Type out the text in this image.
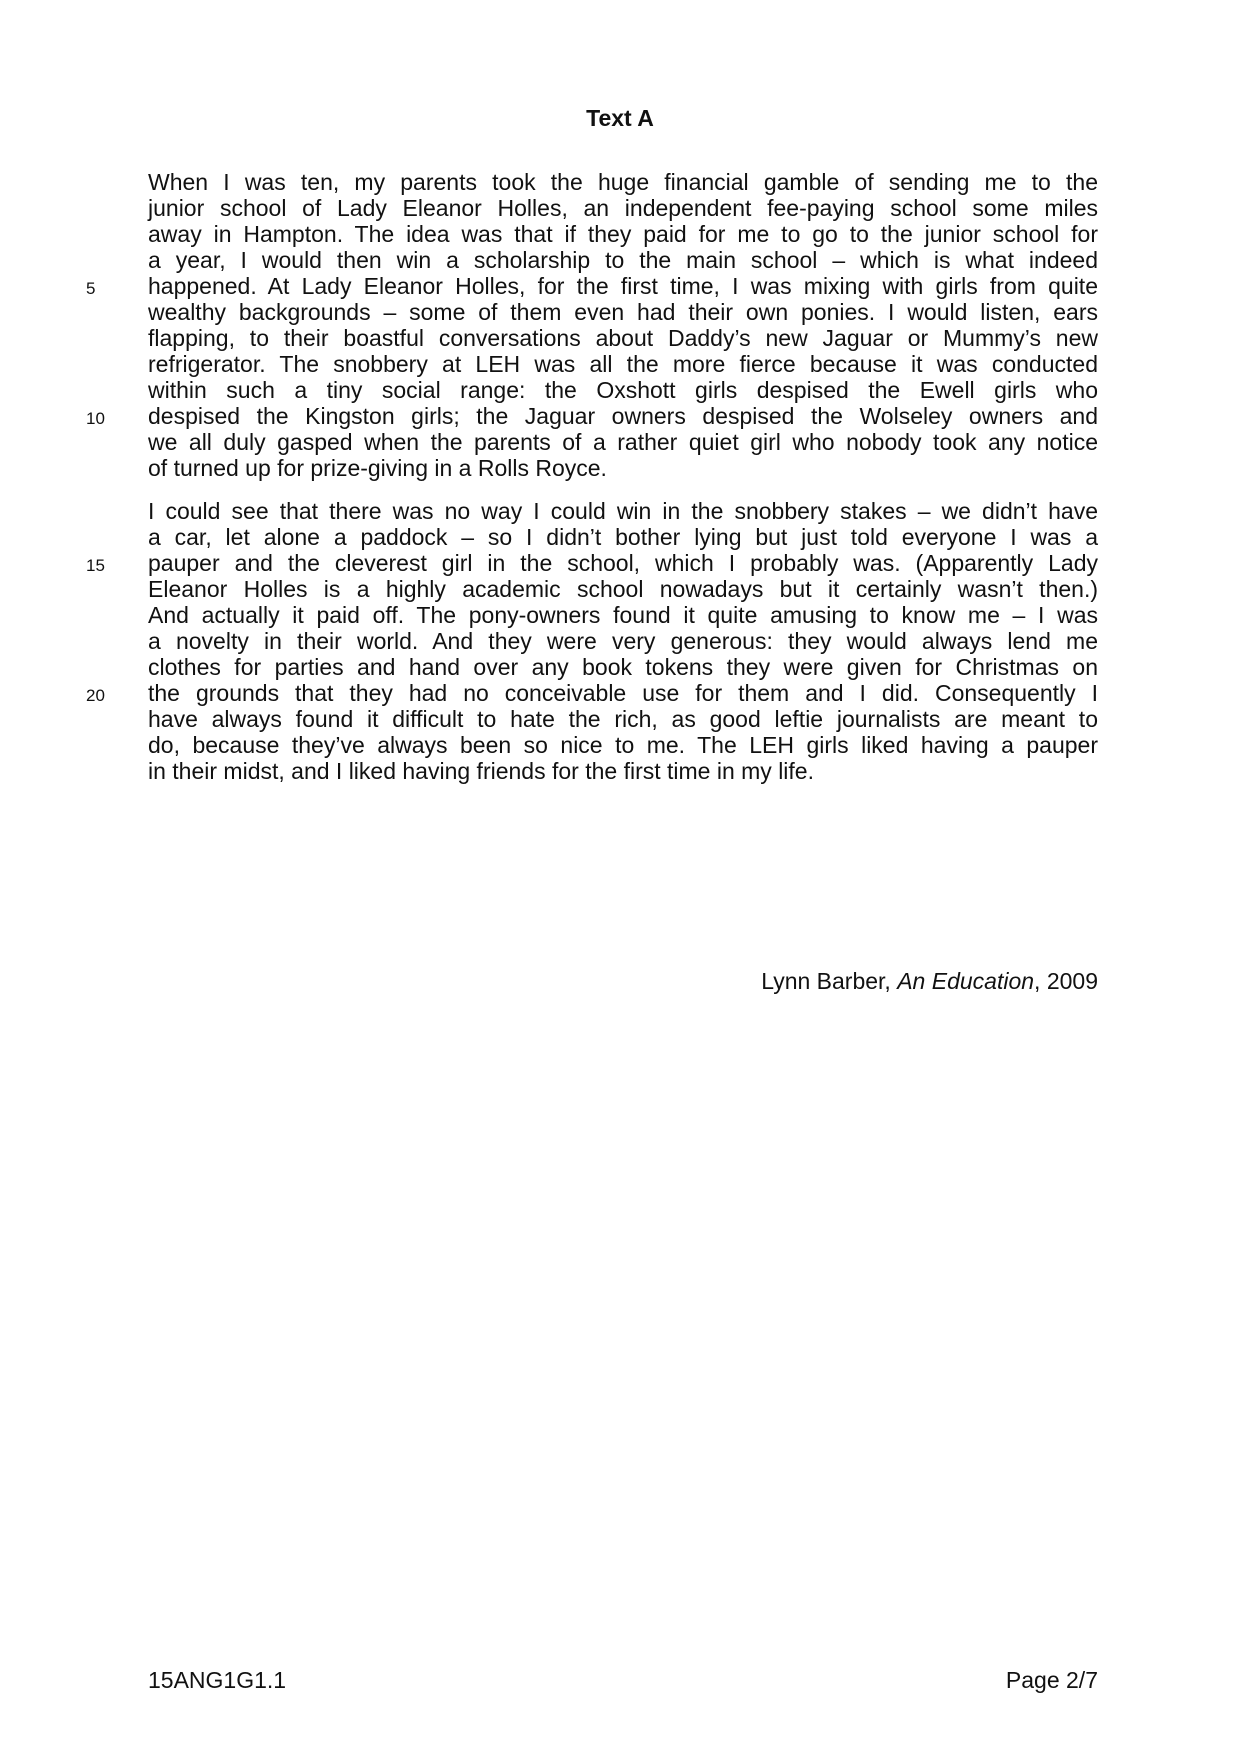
Text A
When I was ten, my parents took the huge financial gamble of sending me to the
junior school of Lady Eleanor Holles, an independent fee-paying school some miles
away in Hampton. The idea was that if they paid for me to go to the junior school for
a year, I would then win a scholarship to the main school – which is what indeed
happened. At Lady Eleanor Holles, for the first time, I was mixing with girls from quite
wealthy backgrounds – some of them even had their own ponies. I would listen, ears
flapping, to their boastful conversations about Daddy’s new Jaguar or Mummy’s new
refrigerator. The snobbery at LEH was all the more fierce because it was conducted
within such a tiny social range: the Oxshott girls despised the Ewell girls who
despised the Kingston girls; the Jaguar owners despised the Wolseley owners and
we all duly gasped when the parents of a rather quiet girl who nobody took any notice
of turned up for prize-giving in a Rolls Royce.
I could see that there was no way I could win in the snobbery stakes – we didn’t have
a car, let alone a paddock – so I didn’t bother lying but just told everyone I was a
pauper and the cleverest girl in the school, which I probably was. (Apparently Lady
Eleanor Holles is a highly academic school nowadays but it certainly wasn’t then.)
And actually it paid off. The pony-owners found it quite amusing to know me – I was
a novelty in their world. And they were very generous: they would always lend me
clothes for parties and hand over any book tokens they were given for Christmas on
the grounds that they had no conceivable use for them and I did. Consequently I
have always found it difficult to hate the rich, as good leftie journalists are meant to
do, because they’ve always been so nice to me. The LEH girls liked having a pauper
in their midst, and I liked having friends for the first time in my life.
5
10
15
20
Lynn Barber, An Education, 2009
15ANG1G1.1	Page 2/7
